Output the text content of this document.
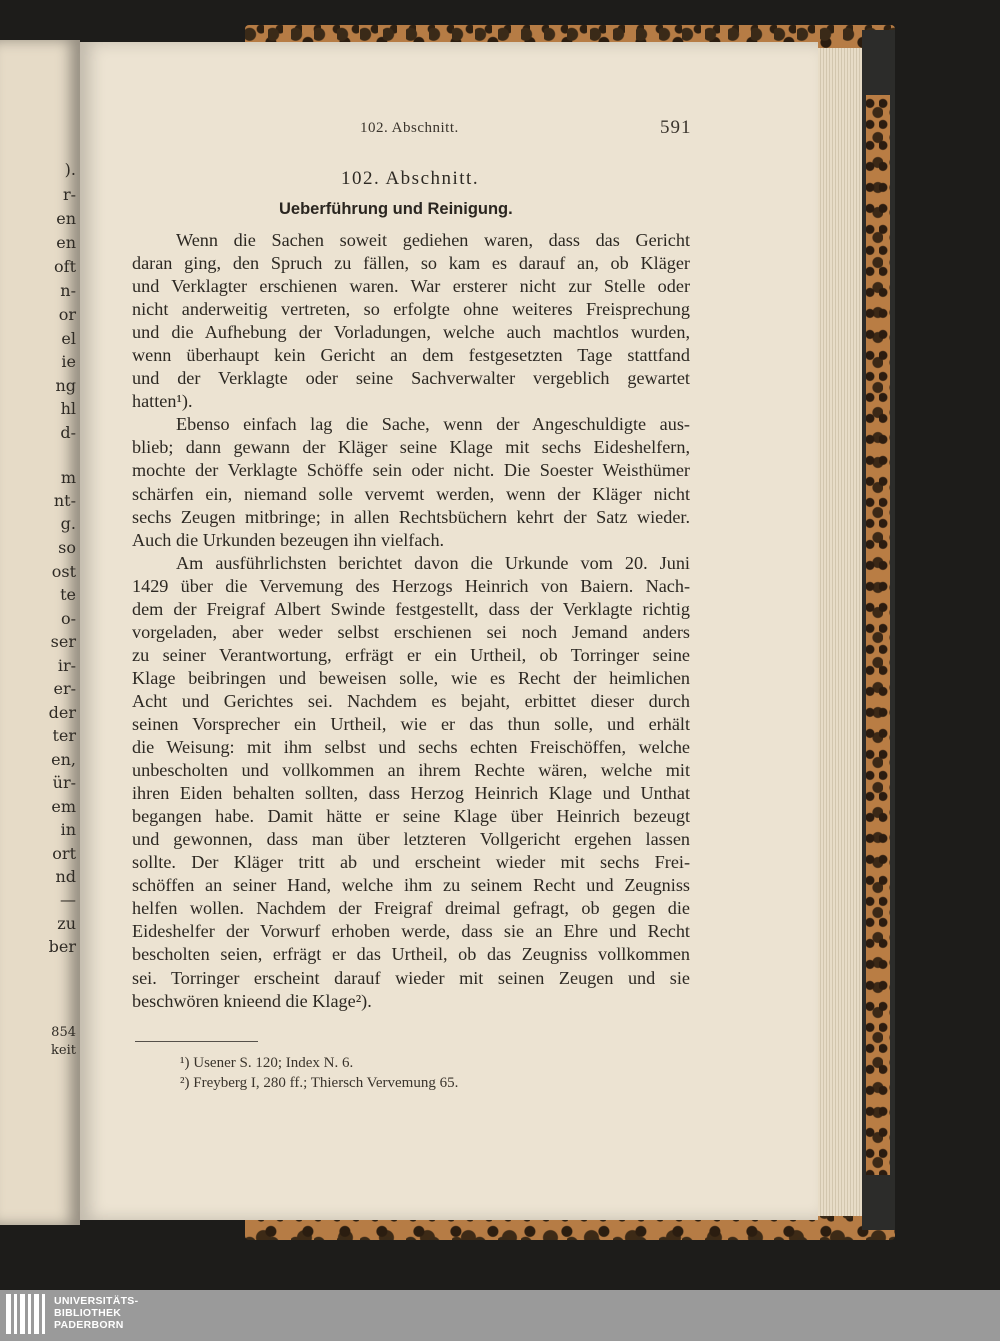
).
r-
en
en
oft
n-
or
el
ie
ng
hl
d-
m
nt-
g.
so
ost
te
o-
ser
ir-
er-
der
ter
en,
ür-
em
in
ort
nd
—
zu
ber
854
keit
102. Abschnitt.	591
102. Abschnitt.
Ueberführung und Reinigung.
Wenn die Sachen soweit gediehen waren, dass das Gericht
daran ging, den Spruch zu fällen, so kam es darauf an, ob Kläger
und Verklagter erschienen waren. War ersterer nicht zur Stelle oder
nicht anderweitig vertreten, so erfolgte ohne weiteres Freisprechung
und die Aufhebung der Vorladungen, welche auch machtlos wurden,
wenn überhaupt kein Gericht an dem festgesetzten Tage stattfand
und der Verklagte oder seine Sachverwalter vergeblich gewartet
hatten¹).
Ebenso einfach lag die Sache, wenn der Angeschuldigte aus-
blieb; dann gewann der Kläger seine Klage mit sechs Eideshelfern,
mochte der Verklagte Schöffe sein oder nicht. Die Soester Weisthümer
schärfen ein, niemand solle vervemt werden, wenn der Kläger nicht
sechs Zeugen mitbringe; in allen Rechtsbüchern kehrt der Satz wieder.
Auch die Urkunden bezeugen ihn vielfach.
Am ausführlichsten berichtet davon die Urkunde vom 20. Juni
1429 über die Vervemung des Herzogs Heinrich von Baiern. Nach-
dem der Freigraf Albert Swinde festgestellt, dass der Verklagte richtig
vorgeladen, aber weder selbst erschienen sei noch Jemand anders
zu seiner Verantwortung, erfrägt er ein Urtheil, ob Torringer seine
Klage beibringen und beweisen solle, wie es Recht der heimlichen
Acht und Gerichtes sei. Nachdem es bejaht, erbittet dieser durch
seinen Vorsprecher ein Urtheil, wie er das thun solle, und erhält
die Weisung: mit ihm selbst und sechs echten Freischöffen, welche
unbescholten und vollkommen an ihrem Rechte wären, welche mit
ihren Eiden behalten sollten, dass Herzog Heinrich Klage und Unthat
begangen habe. Damit hätte er seine Klage über Heinrich bezeugt
und gewonnen, dass man über letzteren Vollgericht ergehen lassen
sollte. Der Kläger tritt ab und erscheint wieder mit sechs Frei-
schöffen an seiner Hand, welche ihm zu seinem Recht und Zeugniss
helfen wollen. Nachdem der Freigraf dreimal gefragt, ob gegen die
Eideshelfer der Vorwurf erhoben werde, dass sie an Ehre und Recht
bescholten seien, erfrägt er das Urtheil, ob das Zeugniss vollkommen
sei. Torringer erscheint darauf wieder mit seinen Zeugen und sie
beschwören knieend die Klage²).
¹) Usener S. 120; Index N. 6.
²) Freyberg I, 280 ff.; Thiersch Vervemung 65.
UNIVERSITÄTS-
BIBLIOTHEK
PADERBORN
